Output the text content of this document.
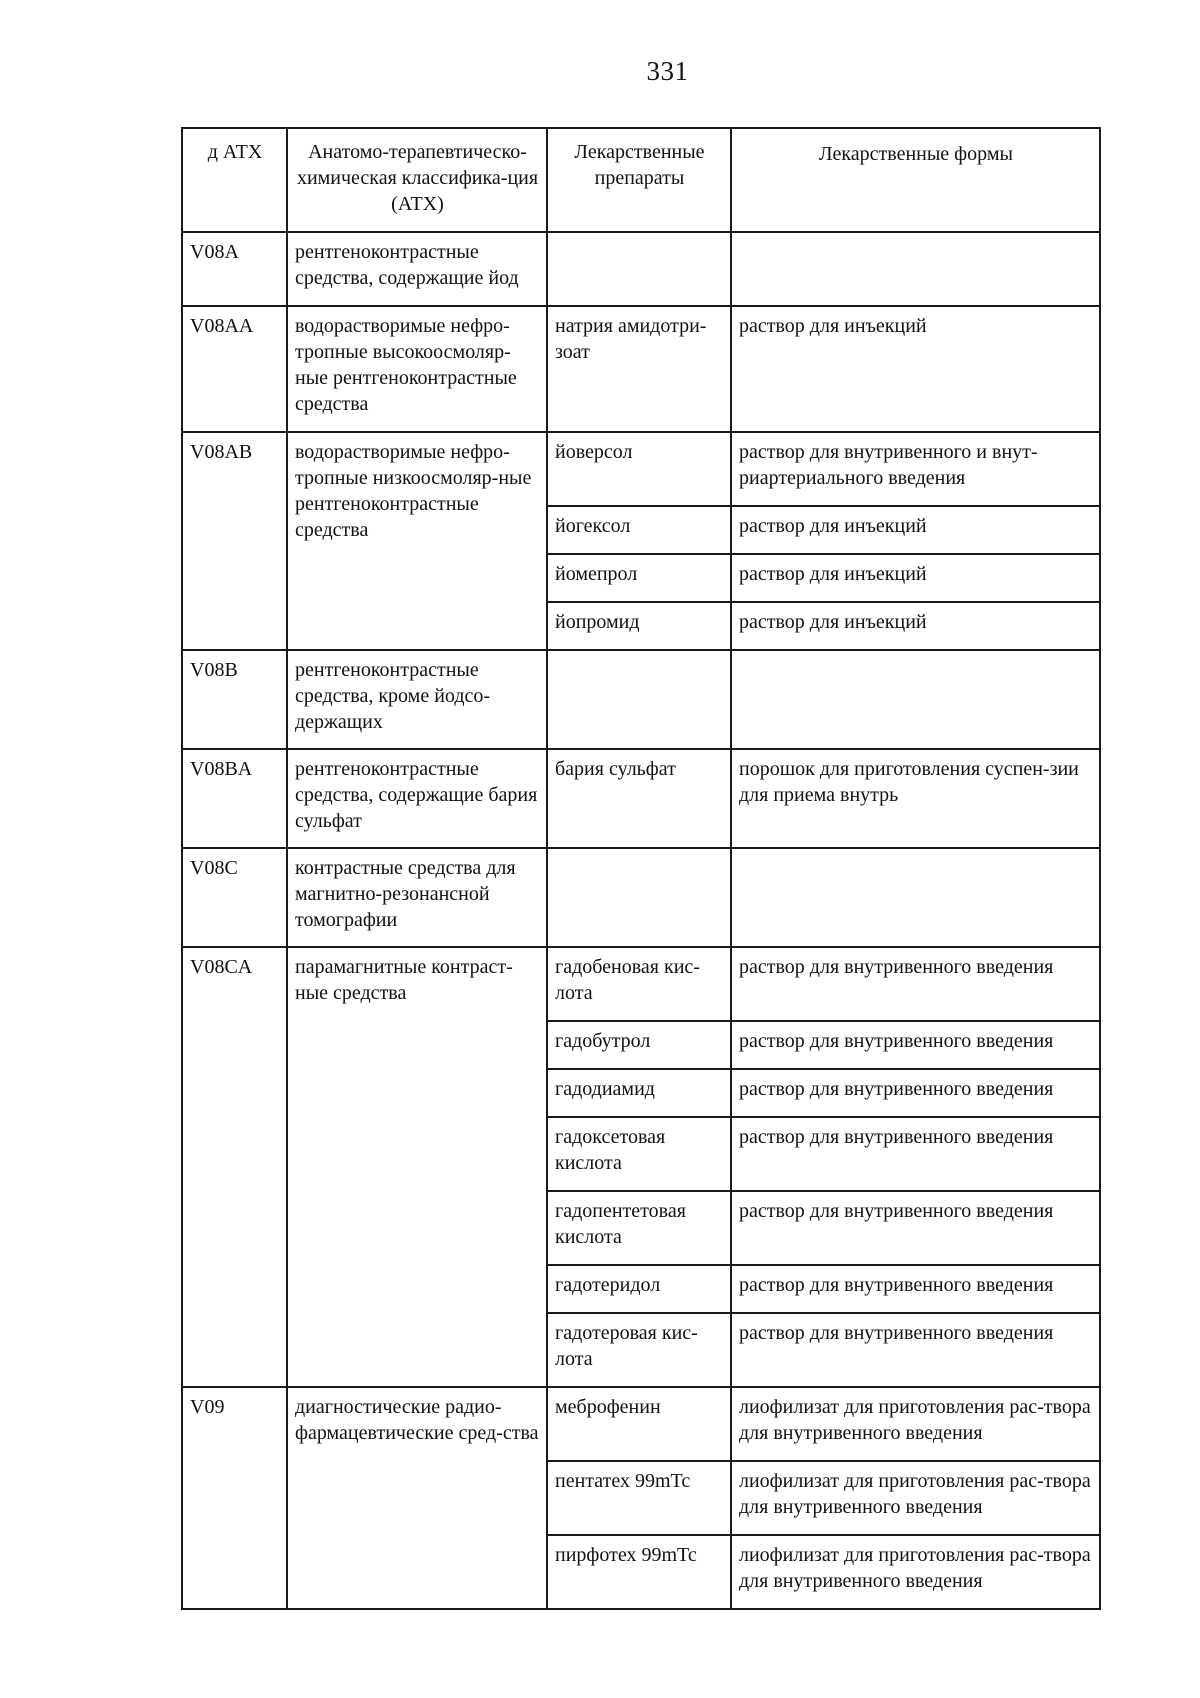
331
д АТХ	Анатомо-терапевтическо-химическая классифика-ция (АТХ)	Лекарственные препараты	Лекарственные формы
V08A	рентгеноконтрастные средства, содержащие йод		
V08AA	водорастворимые нефро-тропные высокоосмоляр-ные рентгеноконтрастные средства	натрия амидотри-зоат	раствор для инъекций
V08AB	водорастворимые нефро-тропные низкоосмоляр-ные рентгеноконтрастные средства	йоверсол	раствор для внутривенного и внут-риартериального введения
		йогексол	раствор для инъекций
		йомепрол	раствор для инъекций
		йопромид	раствор для инъекций
V08B	рентгеноконтрастные средства, кроме йодсо-держащих		
V08BA	рентгеноконтрастные средства, содержащие бария сульфат	бария сульфат	порошок для приготовления суспен-зии для приема внутрь
V08C	контрастные средства для магнитно-резонансной томографии		
V08CA	парамагнитные контраст-ные средства	гадобеновая кис-лота	раствор для внутривенного введения
		гадобутрол	раствор для внутривенного введения
		гадодиамид	раствор для внутривенного введения
		гадоксетовая кислота	раствор для внутривенного введения
		гадопентетовая кислота	раствор для внутривенного введения
		гадотеридол	раствор для внутривенного введения
		гадотеровая кис-лота	раствор для внутривенного введения
V09	диагностические радио-фармацевтические сред-ства	меброфенин	лиофилизат для приготовления рас-твора для внутривенного введения
		пентатех 99mTc	лиофилизат для приготовления рас-твора для внутривенного введения
		пирфотех 99mTc	лиофилизат для приготовления рас-твора для внутривенного введения
